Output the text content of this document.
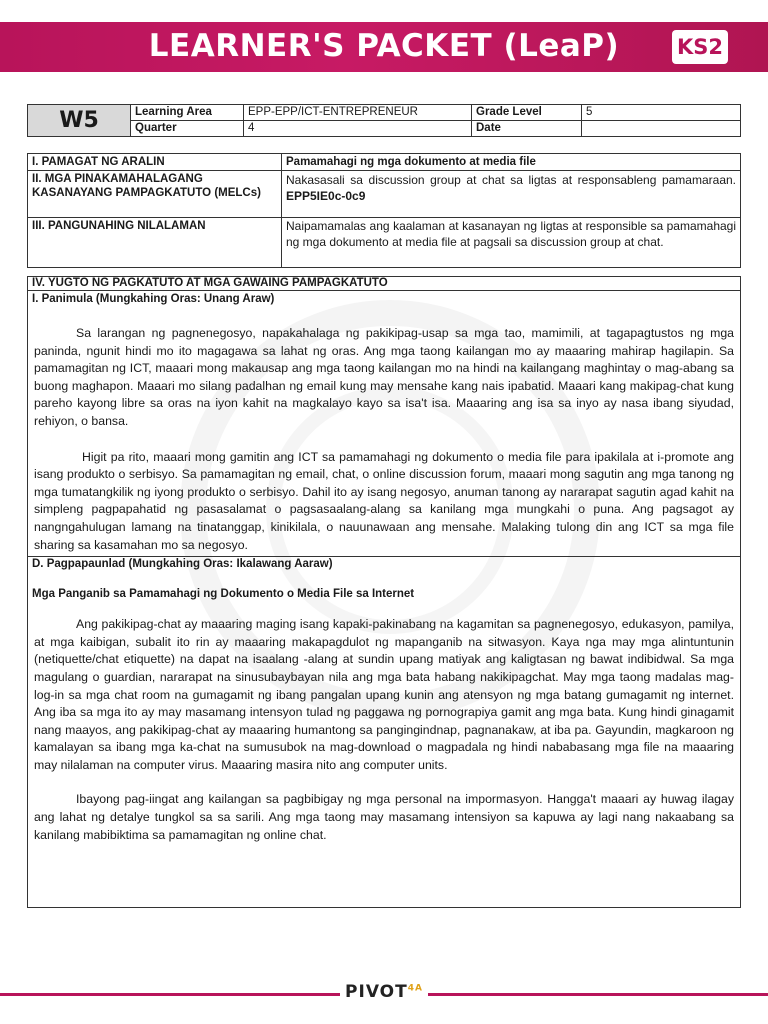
LEARNER'S PACKET (LeaP)	KS2
W5	Learning Area	EPP-EPP/ICT-ENTREPRENEUR	Grade Level	5
	Quarter	4	Date	
I. PAMAGAT NG ARALIN	Pamamahagi ng mga dokumento at media file
II. MGA PINAKAMAHALAGANG KASANAYANG PAMPAGKATUTO (MELCs)	Nakasasali sa discussion group at chat sa ligtas at responsableng pamamaraan. EPP5IE0c-0c9
III. PANGUNAHING NILALAMAN	Naipamamalas ang kaalaman at kasanayan ng ligtas at responsible sa pamamahagi ng mga dokumento at media file at pagsali sa discussion group at chat.
IV. YUGTO NG PAGKATUTO AT MGA GAWAING PAMPAGKATUTO
I. Panimula (Mungkahing Oras: Unang Araw)

Sa larangan ng pagnenegosyo, napakahalaga ng pakikipag-usap sa mga tao, mamimili, at tagapagtustos ng mga paninda, ngunit hindi mo ito magagawa sa lahat ng oras. Ang mga taong kailangan mo ay maaaring mahirap hagilapin. Sa pamamagitan ng ICT, maaari mong makausap ang mga taong kailangan mo na hindi na kailangang maghintay o mag-abang sa buong maghapon. Maaari mo silang padalhan ng email kung may mensahe kang nais ipabatid. Maaari kang makipag-chat kung pareho kayong libre sa oras na iyon kahit na magkalayo kayo sa isa't isa. Maaaring ang isa sa inyo ay nasa ibang siyudad, rehiyon, o bansa.

Higit pa rito, maaari mong gamitin ang ICT sa pamamahagi ng dokumento o media file para ipakilala at i-promote ang isang produkto o serbisyo. Sa pamamagitan ng email, chat, o online discussion forum, maaari mong sagutin ang mga tanong ng mga tumatangkilik ng iyong produkto o serbisyo. Dahil ito ay isang negosyo, anuman tanong ay nararapat sagutin agad kahit na simpleng pagpapahatid ng pasasalamat o pagsasaalang-alang sa kanilang mga mungkahi o puna. Ang pagsagot ay nangngahulugan lamang na tinatanggap, kinikilala, o nauunawaan ang mensahe. Malaking tulong din ang ICT sa mga file sharing sa kasamahan mo sa negosyo.

D. Pagpapaunlad (Mungkahing Oras: Ikalawang Aaraw)
Mga Panganib sa Pamamahagi ng Dokumento o Media File sa Internet

Ang pakikipag-chat ay maaaring maging isang kapaki-pakinabang na kagamitan sa pagnenegosyo, edukasyon, pamilya, at mga kaibigan, subalit ito rin ay maaaring makapagdulot ng mapanganib na sitwasyon. Kaya nga may mga alintuntunin (netiquette/chat etiquette) na dapat na isaalang -alang at sundin upang matiyak ang kaligtasan ng bawat indibidwal. Sa mga magulang o guardian, nararapat na sinusubaybayan nila ang mga bata habang nakikipagchat. May mga taong madalas mag-log-in sa mga chat room na gumagamit ng ibang pangalan upang kunin ang atensyon ng mga batang gumagamit ng internet. Ang iba sa mga ito ay may masamang intensyon tulad ng paggawa ng pornograpiya gamit ang mga bata. Kung hindi ginagamit nang maayos, ang pakikipag-chat ay maaaring humantong sa pangingindnap, pagnanakaw, at iba pa. Gayundin, magkaroon ng kamalayan sa ibang mga ka-chat na sumusubok na mag-download o magpadala ng hindi nababasang mga file na maaaring may nilalaman na computer virus. Maaaring masira nito ang computer units.

Ibayong pag-iingat ang kailangan sa pagbibigay ng mga personal na impormasyon. Hangga't maaari ay huwag ilagay ang lahat ng detalye tungkol sa sa sarili. Ang mga taong may masamang intensiyon sa kapuwa ay lagi nang nakaabang sa kanilang mabibiktima sa pamamagitan ng online chat.

$PIVOT^{4A}$
